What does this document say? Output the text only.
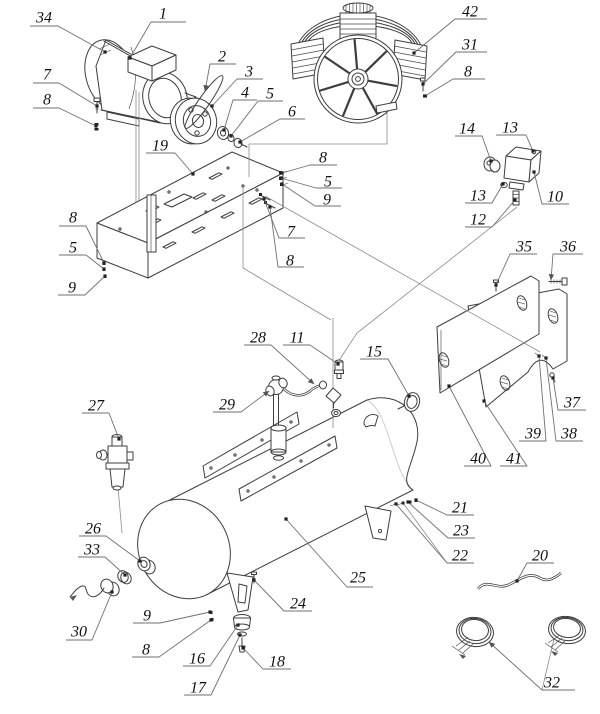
34	1
7
8
2
3
4 5
6
42
31
8
19
8
5
9
7
8
8
5
9
14 13
10
13
12
35 36
37
39 38
40 41
28 11
15
29
27
25
26
33
30
9
8
16
17
18
24
21
23
22	20
32
